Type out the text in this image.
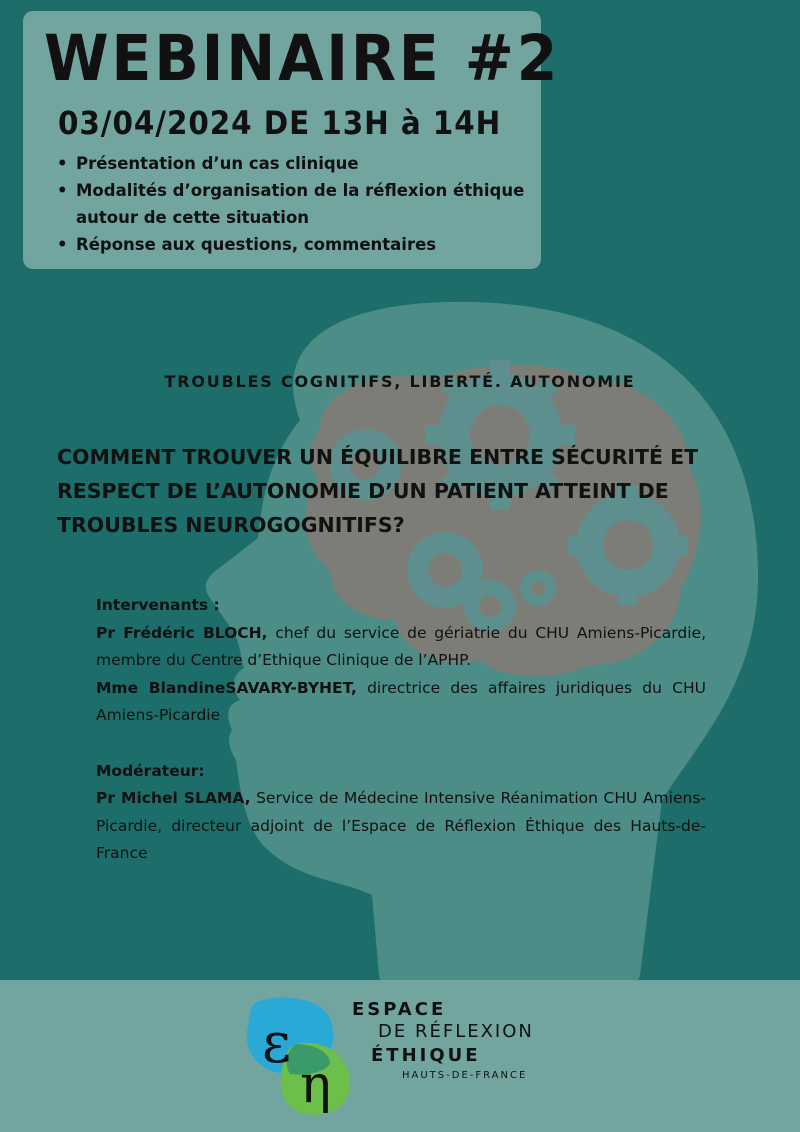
WEBINAIRE #2
03/04/2024 DE 13H à 14H
• Présentation d’un cas clinique
• Modalités d’organisation de la réflexion éthique autour de cette situation
• Réponse aux questions, commentaires
TROUBLES COGNITIFS, LIBERTÉ. AUTONOMIE
COMMENT TROUVER UN ÉQUILIBRE ENTRE SÉCURITÉ ET RESPECT DE L’AUTONOMIE D’UN PATIENT ATTEINT DE TROUBLES NEUROGOGNITIFS?
Intervenants :

Pr Frédéric BLOCH, chef du service de gériatrie du CHU Amiens-Picardie, membre du Centre d’Ethique Clinique de l’APHP.

Mme BlandineSAVARY-BYHET, directrice des affaires juridiques du CHU Amiens-Picardie

Modérateur:

Pr Michel SLAMA, Service de Médecine Intensive Réanimation CHU Amiens-Picardie, directeur adjoint de l’Espace de Réflexion Éthique des Hauts-de-France

ε
η
ESPACE
DE RÉFLEXION
ÉTHIQUE
HAUTS-DE-FRANCE
